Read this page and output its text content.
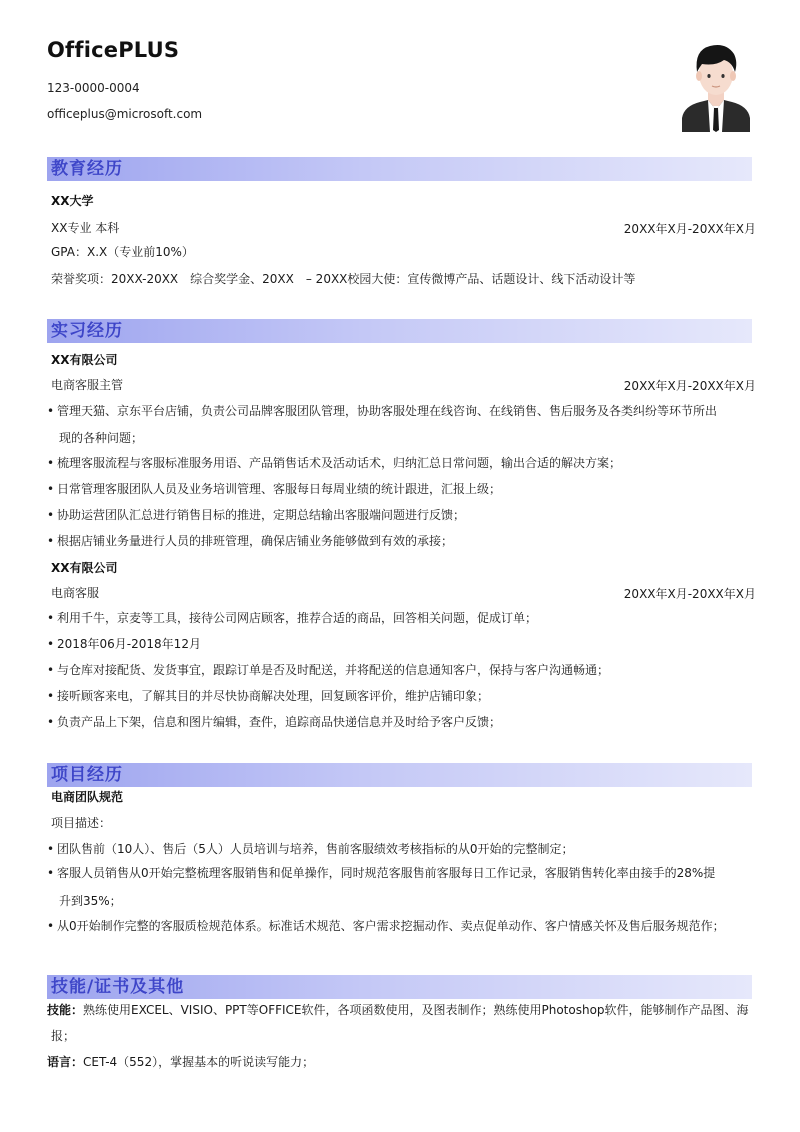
OfficePLUS
123-0000-0004
officeplus@microsoft.com
教育经历
XX大学
XX专业 本科	20XX年X月-20XX年X月
GPA：X.X（专业前10%）
荣誉奖项：20XX-20XX　综合奖学金、20XX　– 20XX校园大使：宣传微博产品、话题设计、线下活动设计等
实习经历
XX有限公司
电商客服主管	20XX年X月-20XX年X月
• 管理天猫、京东平台店铺，负责公司品牌客服团队管理，协助客服处理在线咨询、在线销售、售后服务及各类纠纷等环节所出
现的各种问题；
• 梳理客服流程与客服标准服务用语、产品销售话术及活动话术，归纳汇总日常问题，输出合适的解决方案；
• 日常管理客服团队人员及业务培训管理、客服每日每周业绩的统计跟进，汇报上级；
• 协助运营团队汇总进行销售目标的推进，定期总结输出客服端问题进行反馈；
• 根据店铺业务量进行人员的排班管理，确保店铺业务能够做到有效的承接；
XX有限公司
电商客服	20XX年X月-20XX年X月
• 利用千牛，京麦等工具，接待公司网店顾客，推荐合适的商品，回答相关问题，促成订单；
• 2018年06月-2018年12月
• 与仓库对接配货、发货事宜，跟踪订单是否及时配送，并将配送的信息通知客户，保持与客户沟通畅通；
• 接听顾客来电，了解其目的并尽快协商解决处理，回复顾客评价，维护店铺印象；
• 负责产品上下架，信息和图片编辑，查件，追踪商品快递信息并及时给予客户反馈；
项目经历
电商团队规范
项目描述：
• 团队售前（10人）、售后（5人）人员培训与培养，售前客服绩效考核指标的从0开始的完整制定；
• 客服人员销售从0开始完整梳理客服销售和促单操作，同时规范客服售前客服每日工作记录，客服销售转化率由接手的28%提
升到35%；
• 从0开始制作完整的客服质检规范体系。标准话术规范、客户需求挖掘动作、卖点促单动作、客户情感关怀及售后服务规范作；
技能/证书及其他
技能：熟练使用EXCEL、VISIO、PPT等OFFICE软件，各项函数使用，及图表制作；熟练使用Photoshop软件，能够制作产品图、海
报；
语言：CET-4（552），掌握基本的听说读写能力；
